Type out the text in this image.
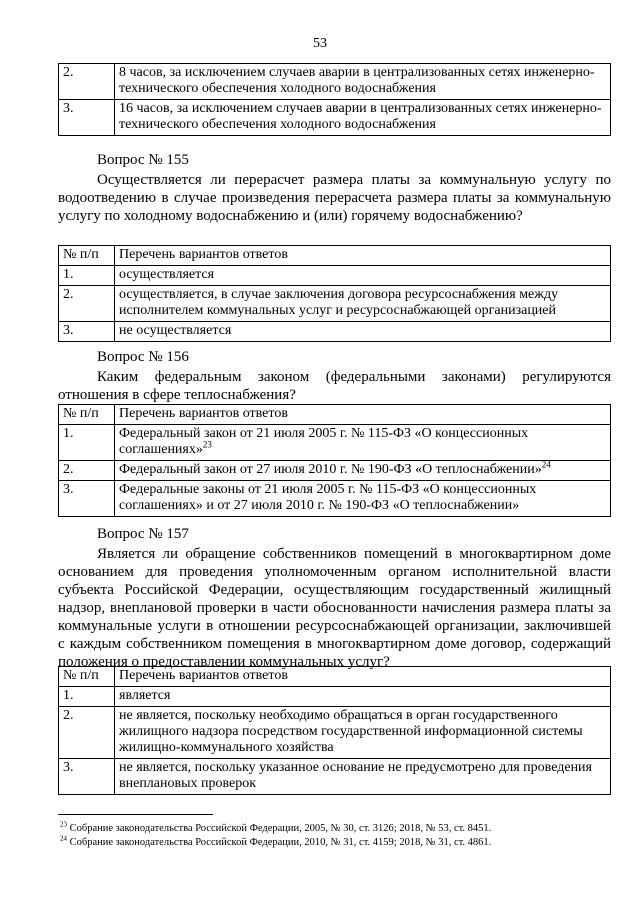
53
2.	8 часов, за исключением случаев аварии в централизованных сетях инженерно-технического обеспечения холодного водоснабжения
3.	16 часов, за исключением случаев аварии в централизованных сетях инженерно-технического обеспечения холодного водоснабжения
Вопрос № 155
Осуществляется ли перерасчет размера платы за коммунальную услугу по водоотведению в случае произведения перерасчета размера платы за коммунальную услугу по холодному водоснабжению и (или) горячему водоснабжению?
№ п/п	Перечень вариантов ответов
1.	осуществляется
2.	осуществляется, в случае заключения договора ресурсоснабжения между исполнителем коммунальных услуг и ресурсоснабжающей организацией
3.	не осуществляется
Вопрос № 156
Каким федеральным законом (федеральными законами) регулируются отношения в сфере теплоснабжения?
№ п/п	Перечень вариантов ответов
1.	Федеральный закон от 21 июля 2005 г. № 115-ФЗ «О концессионных соглашениях»$^{23}$
2.	Федеральный закон от 27 июля 2010 г. № 190-ФЗ «О теплоснабжении»$^{24}$
3.	Федеральные законы от 21 июля 2005 г. № 115-ФЗ «О концессионных соглашениях» и от 27 июля 2010 г. № 190-ФЗ «О теплоснабжении»
Вопрос № 157
Является ли обращение собственников помещений в многоквартирном доме основанием для проведения уполномоченным органом исполнительной власти субъекта Российской Федерации, осуществляющим государственный жилищный надзор, внеплановой проверки в части обоснованности начисления размера платы за коммунальные услуги в отношении ресурсоснабжающей организации, заключившей с каждым собственником помещения в многоквартирном доме договор, содержащий положения о предоставлении коммунальных услуг?
№ п/п	Перечень вариантов ответов
1.	является
2.	не является, поскольку необходимо обращаться в орган государственного жилищного надзора посредством государственной информационной системы жилищно-коммунального хозяйства
3.	не является, поскольку указанное основание не предусмотрено для проведения внеплановых проверок
$^{23}$ Собрание законодательства Российской Федерации, 2005, № 30, ст. 3126; 2018, № 53, ст. 8451.
$^{24}$ Собрание законодательства Российской Федерации, 2010, № 31, ст. 4159; 2018, № 31, ст. 4861.
